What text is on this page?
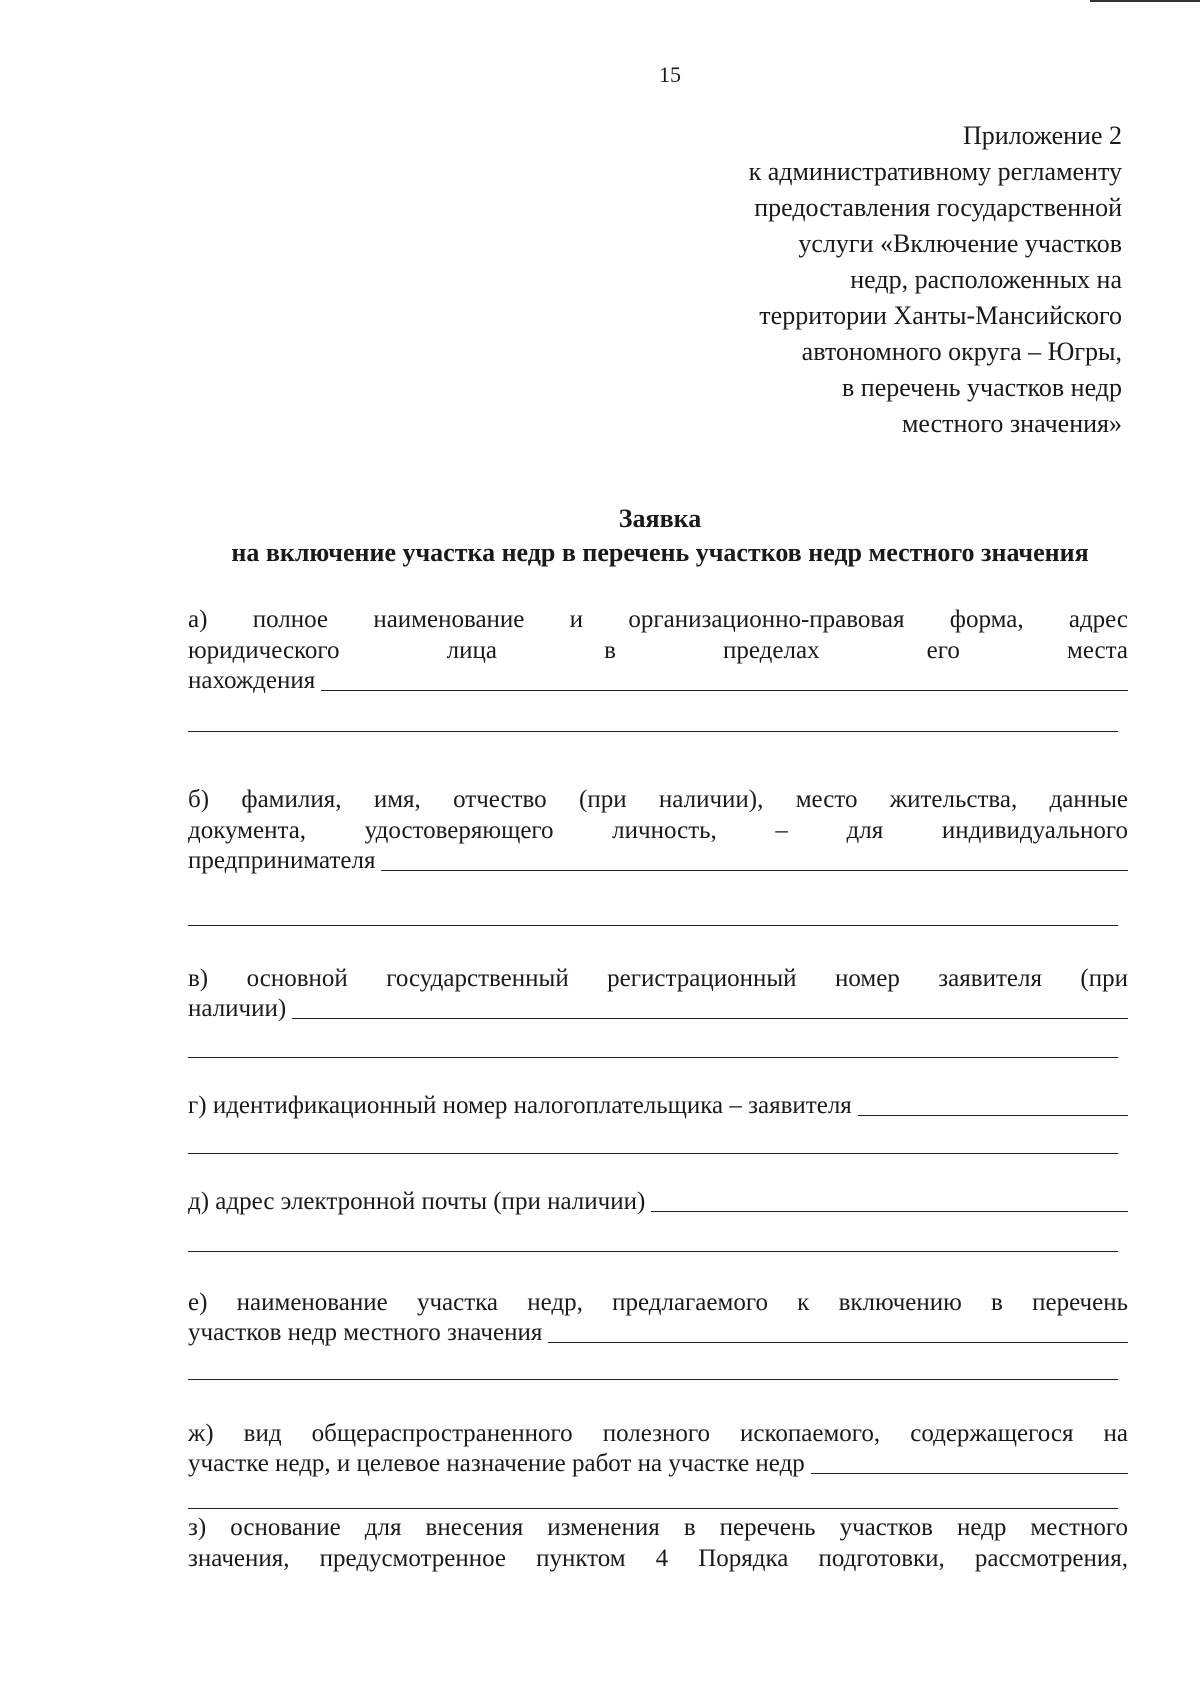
15
Приложение 2
к административному регламенту
предоставления государственной
услуги «Включение участков
недр, расположенных на
территории Ханты-Мансийского
автономного округа – Югры,
в перечень участков недр
местного значения»
Заявка
на включение участка недр в перечень участков недр местного значения
а) полное наименование и организационно-правовая форма, адрес
юридического лица в пределах его места
нахождения
б) фамилия, имя, отчество (при наличии), место жительства, данные
документа, удостоверяющего личность, – для индивидуального
предпринимателя
в) основной государственный регистрационный номер заявителя (при
наличии)
г) идентификационный номер налогоплательщика – заявителя
д) адрес электронной почты (при наличии)
е) наименование участка недр, предлагаемого к включению в перечень
участков недр местного значения
ж) вид общераспространенного полезного ископаемого, содержащегося на
участке недр, и целевое назначение работ на участке недр
з) основание для внесения изменения в перечень участков недр местного
значения, предусмотренное пунктом 4 Порядка подготовки, рассмотрения,
